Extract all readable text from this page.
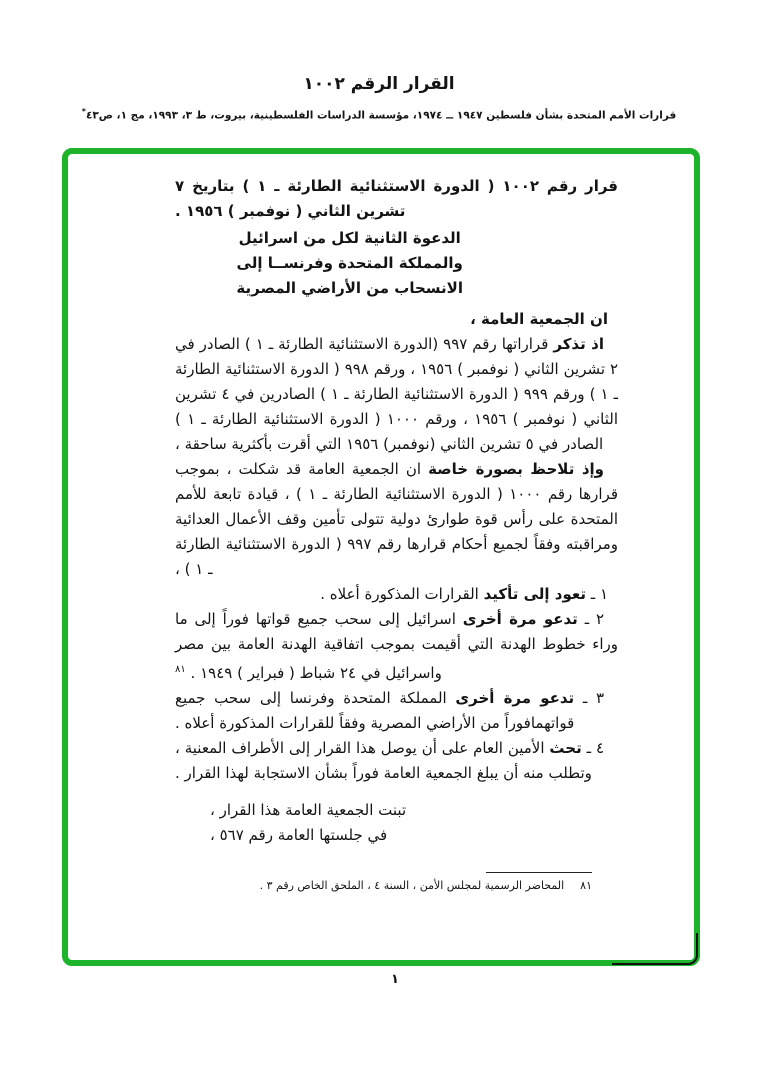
القرار الرقم ١٠٠٢
قرارات الأمم المتحدة بشأن فلسطين ١٩٤٧ ــ ١٩٧٤، مؤسسة الدراسات الفلسطينية، بيروت، ط ٣، ١٩٩٣، مج ١، ص٤٣*

قرار رقم ١٠٠٢ ( الدورة الاستثنائية الطارئة ـ ١ ) بتاريخ ٧ تشرين الثاني ( نوفمبر ) ١٩٥٦ .

الدعوة الثانية لكل من اسرائيل
والمملكة المتحدة وفرنســا إلى
الانسحاب من الأراضي المصرية

ان الجمعية العامة ،

اذ تذكر قراراتها رقم ٩٩٧ (الدورة الاستثنائية الطارئة ـ ١ ) الصادر في ٢ تشرين الثاني ( نوفمبر ) ١٩٥٦ ، ورقم ٩٩٨ ( الدورة الاستثنائية الطارئة ـ ١ ) ورقم ٩٩٩ ( الدورة الاستثنائية الطارئة ـ ١ ) الصادرين في ٤ تشرين الثاني ( نوفمبر ) ١٩٥٦ ، ورقم ١٠٠٠ ( الدورة الاستثنائية الطارئة ـ ١ ) الصادر في ٥ تشرين الثاني (نوفمبر) ١٩٥٦ التي أقرت بأكثرية ساحقة ،

وإذ تلاحظ بصورة خاصة ان الجمعية العامة قد شكلت ، بموجب قرارها رقم ١٠٠٠ ( الدورة الاستثنائية الطارئة ـ ١ ) ، قيادة تابعة للأمم المتحدة على رأس قوة طوارئ دولية تتولى تأمين وقف الأعمال العدائية ومراقبته وفقاً لجميع أحكام قرارها رقم ٩٩٧ ( الدورة الاستثنائية الطارئة ـ ١ ) ،

١ ـ تعود إلى تأكيد القرارات المذكورة أعلاه .

٢ ـ تدعو مرة أخرى اسرائيل إلى سحب جميع قواتها فوراً إلى ما وراء خطوط الهدنة التي أقيمت بموجب اتفاقية الهدنة العامة بين مصر واسرائيل في ٢٤ شباط ( فبراير ) ١٩٤٩ . $^{٨١}$

٣ ـ تدعو مرة أخرى المملكة المتحدة وفرنسا إلى سحب جميع قواتهمافوراً من الأراضي المصرية وفقاً للقرارات المذكورة أعلاه .

٤ ـ تحث الأمين العام على أن يوصل هذا القرار إلى الأطراف المعنية ، وتطلب منه أن يبلغ الجمعية العامة فوراً بشأن الاستجابة لهذا القرار .

تبنت الجمعية العامة هذا القرار ،
في جلستها العامة رقم ٥٦٧ ،
٨١المحاضر الرسمية لمجلس الأمن ، السنة ٤ ، الملحق الخاص رقم ٣ .
١
